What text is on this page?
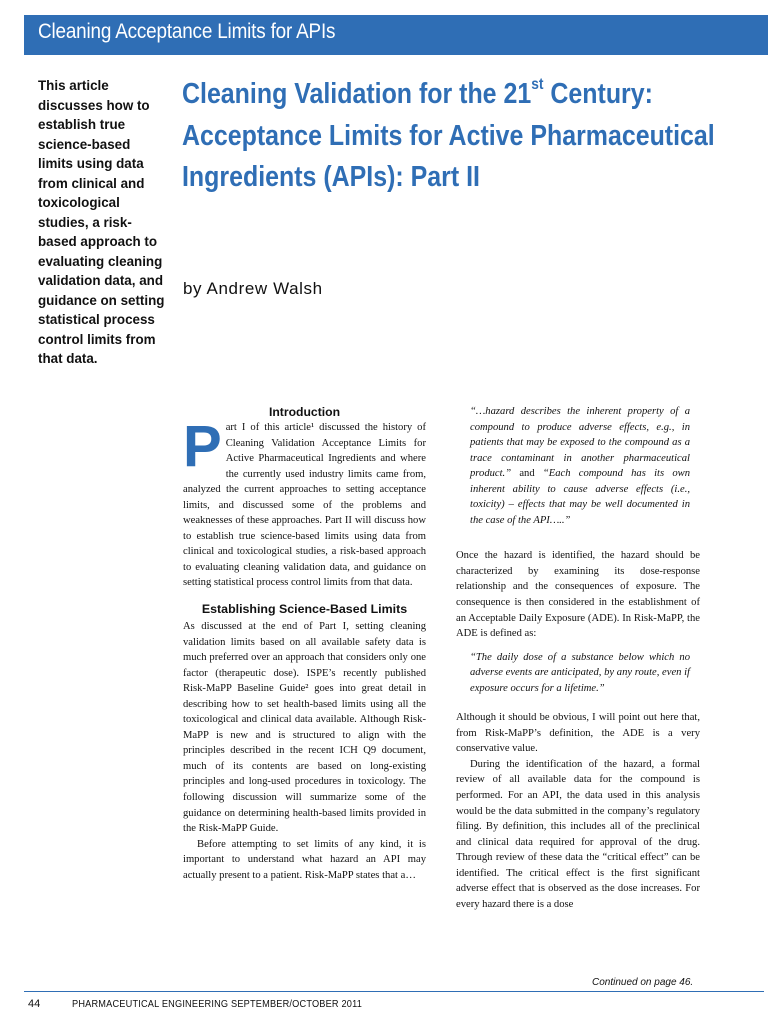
Cleaning Acceptance Limits for APIs
This article discusses how to establish true science-based limits using data from clinical and toxicological studies, a risk-based approach to evaluating cleaning validation data, and guidance on setting statistical process control limits from that data.
Cleaning Validation for the 21st Century: Acceptance Limits for Active Pharmaceutical Ingredients (APIs): Part II
by Andrew Walsh
Introduction

Part I of this article¹ discussed the history of Cleaning Validation Acceptance Limits for Active Pharmaceutical Ingredients and where the currently used industry limits came from, analyzed the current approaches to setting acceptance limits, and discussed some of the problems and weaknesses of these approaches. Part II will discuss how to establish true science-based limits using data from clinical and toxicological studies, a risk-based approach to evaluating cleaning validation data, and guidance on setting statistical process control limits from that data.

Establishing Science-Based Limits

As discussed at the end of Part I, setting cleaning validation limits based on all available safety data is much preferred over an approach that considers only one factor (therapeutic dose). ISPE’s recently published Risk-MaPP Baseline Guide² goes into great detail in describing how to set health-based limits using all the toxicological and clinical data available. Although Risk-MaPP is new and is structured to align with the principles described in the recent ICH Q9 document, much of its contents are based on long-existing principles and long-used procedures in toxicology. The following discussion will summarize some of the guidance on determining health-based limits provided in the Risk-MaPP Guide.

Before attempting to set limits of any kind, it is important to understand what hazard an API may actually present to a patient. Risk-MaPP states that a…

“…hazard describes the inherent property of a compound to produce adverse effects, e.g., in patients that may be exposed to the compound as a trace contaminant in another pharmaceutical product.” and “Each compound has its own inherent ability to cause adverse effects (i.e., toxicity) – effects that may be well documented in the case of the API…..”

Once the hazard is identified, the hazard should be characterized by examining its dose-response relationship and the consequences of exposure. The consequence is then considered in the establishment of an Acceptable Daily Exposure (ADE). In Risk-MaPP, the ADE is defined as:

“The daily dose of a substance below which no adverse events are anticipated, by any route, even if exposure occurs for a lifetime.”

Although it should be obvious, I will point out here that, from Risk-MaPP’s definition, the ADE is a very conservative value.

During the identification of the hazard, a formal review of all available data for the compound is performed. For an API, the data used in this analysis would be the data submitted in the company’s regulatory filing. By definition, this includes all of the preclinical and clinical data required for approval of the drug. Through review of these data the “critical effect” can be identified. The critical effect is the first significant adverse effect that is observed as the dose increases. For every hazard there is a dose

Continued on page 46.
44	PHARMACEUTICAL ENGINEERING SEPTEMBER/OCTOBER 2011
